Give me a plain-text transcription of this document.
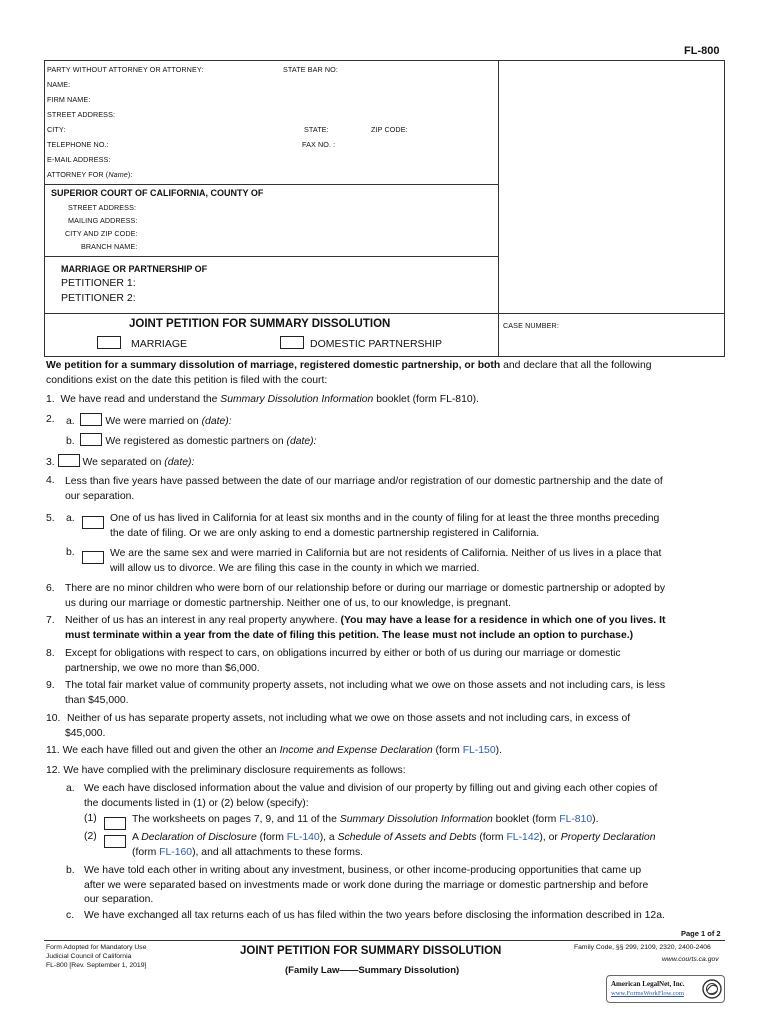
FL-800
PARTY WITHOUT ATTORNEY OR ATTORNEY:	STATE BAR NO:
NAME:
FIRM NAME:
STREET ADDRESS:
CITY:	STATE:	ZIP CODE:
TELEPHONE NO.:	FAX NO. :
E-MAIL ADDRESS:
ATTORNEY FOR (Name):
SUPERIOR COURT OF CALIFORNIA, COUNTY OF
STREET ADDRESS:
MAILING ADDRESS:
CITY AND ZIP CODE:
BRANCH NAME:
MARRIAGE OR PARTNERSHIP OF
PETITIONER 1:
PETITIONER 2:
JOINT PETITION FOR SUMMARY DISSOLUTION
MARRIAGE	DOMESTIC PARTNERSHIP
CASE NUMBER:
We petition for a summary dissolution of marriage, registered domestic partnership, or both and declare that all the following
conditions exist on the date this petition is filed with the court:
1. We have read and understand the Summary Dissolution Information booklet (form FL-810).
2. a.	We were married on (date):
b.	We registered as domestic partners on (date):
3.	We separated on (date):
4. Less than five years have passed between the date of our marriage and/or registration of our domestic partnership and the date of
our separation.
5. a.	One of us has lived in California for at least six months and in the county of filing for at least the three months preceding
the date of filing. Or we are only asking to end a domestic partnership registered in California.
b.	We are the same sex and were married in California but are not residents of California. Neither of us lives in a place that
will allow us to divorce. We are filing this case in the county in which we married.
6. There are no minor children who were born of our relationship before or during our marriage or domestic partnership or adopted by
us during our marriage or domestic partnership. Neither one of us, to our knowledge, is pregnant.
7. Neither of us has an interest in any real property anywhere. (You may have a lease for a residence in which one of you lives. It
must terminate within a year from the date of filing this petition. The lease must not include an option to purchase.)
8. Except for obligations with respect to cars, on obligations incurred by either or both of us during our marriage or domestic
partnership, we owe no more than $6,000.
9. The total fair market value of community property assets, not including what we owe on those assets and not including cars, is less
than $45,000.
10. Neither of us has separate property assets, not including what we owe on those assets and not including cars, in excess of
$45,000.
11. We each have filled out and given the other an Income and Expense Declaration (form FL-150).
12. We have complied with the preliminary disclosure requirements as follows:
a. We each have disclosed information about the value and division of our property by filling out and giving each other copies of
the documents listed in (1) or (2) below (specify):
(1)	The worksheets on pages 7, 9, and 11 of the Summary Dissolution Information booklet (form FL-810).
(2)	A Declaration of Disclosure (form FL-140), a Schedule of Assets and Debts (form FL-142), or Property Declaration
(form FL-160), and all attachments to these forms.
b. We have told each other in writing about any investment, business, or other income-producing opportunities that came up
after we were separated based on investments made or work done during the marriage or domestic partnership and before
our separation.
c. We have exchanged all tax returns each of us has filed within the two years before disclosing the information described in 12a.
Page 1 of 2
Form Adopted for Mandatory Use
Judicial Council of California
FL-800 [Rev. September 1, 2019]
JOINT PETITION FOR SUMMARY DISSOLUTION
(Family Law——Summary Dissolution)
Family Code, §§ 299, 2109, 2320, 2400-2406
www.courts.ca.gov
American LegalNet, Inc.
www.FormsWorkFlow.com
